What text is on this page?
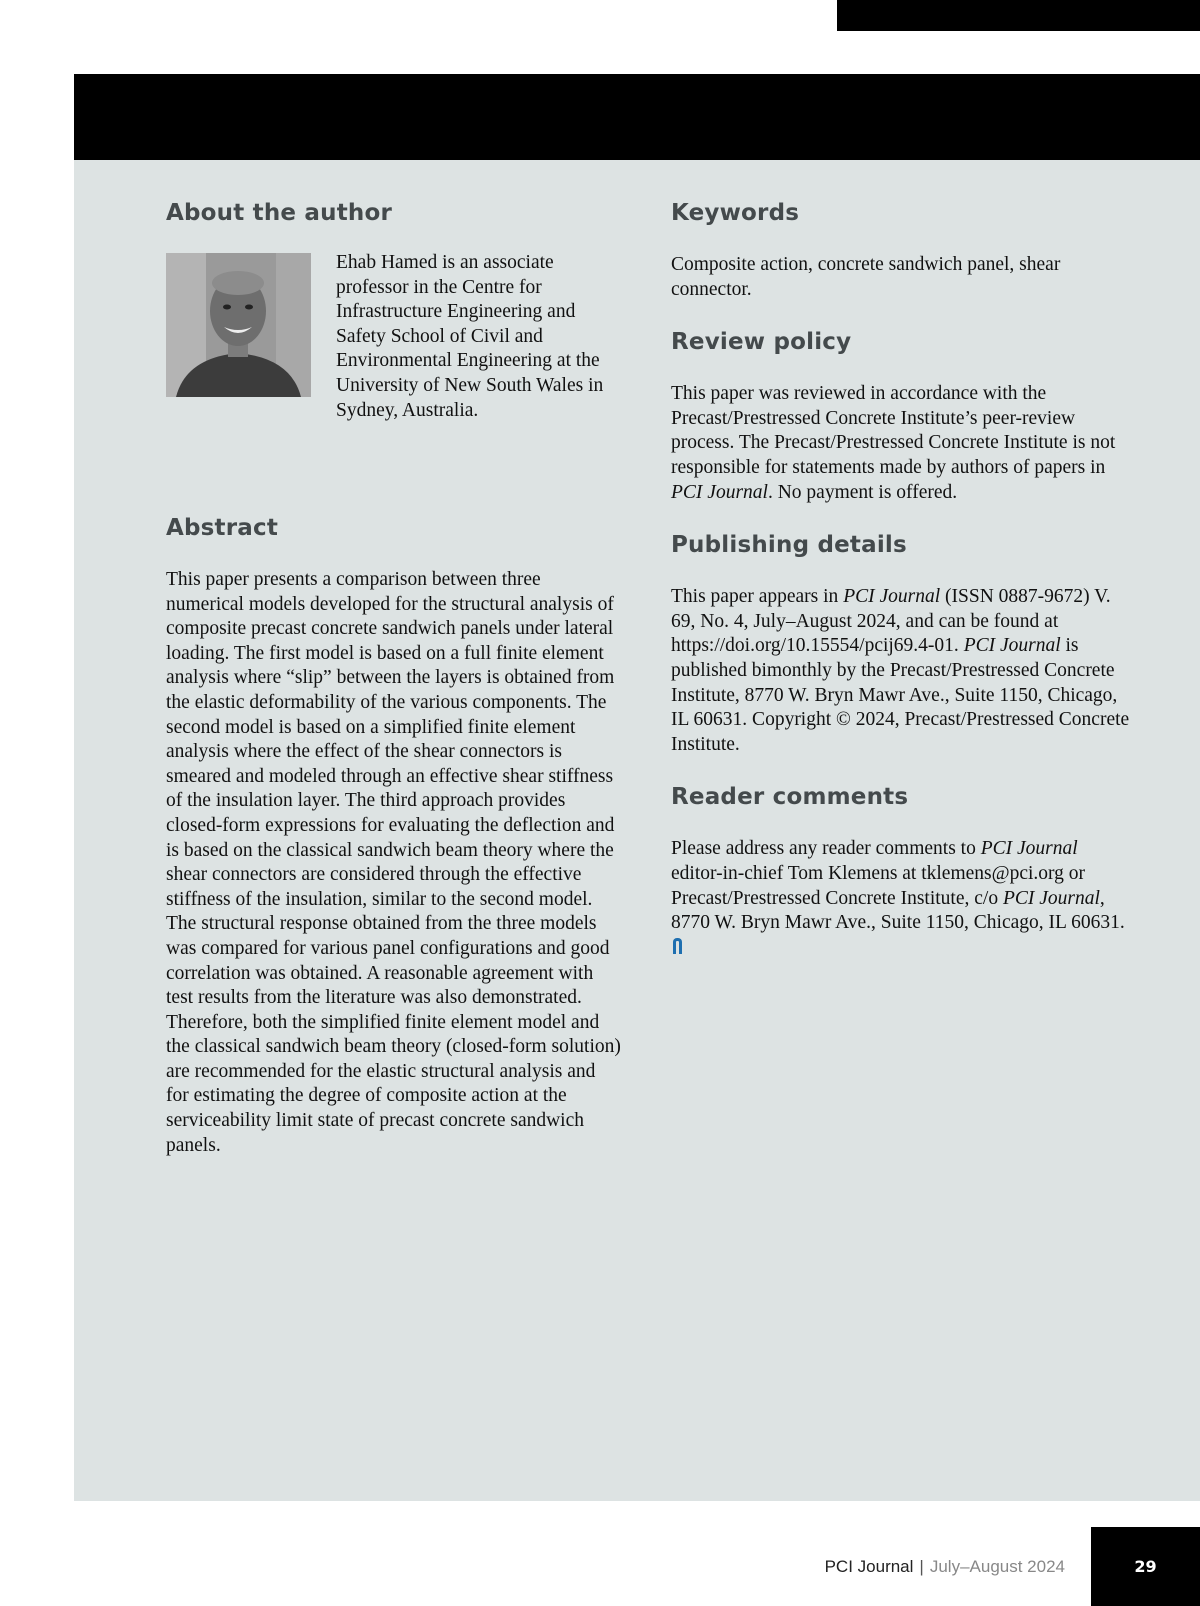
About the author

Ehab Hamed is an associate professor in the Centre for Infrastructure Engineering and Safety School of Civil and Environmental Engineering at the University of New South Wales in Sydney, Australia.

Abstract

This paper presents a comparison between three numerical models developed for the structural analysis of composite precast concrete sandwich panels under lateral loading. The first model is based on a full finite element analysis where “slip” between the layers is obtained from the elastic deformability of the various components. The second model is based on a simplified finite element analysis where the effect of the shear connectors is smeared and modeled through an effective shear stiffness of the insulation layer. The third approach provides closed-form expressions for evaluating the deflection and is based on the classical sandwich beam theory where the shear connectors are considered through the effective stiffness of the insulation, similar to the second model. The structural response obtained from the three models was compared for various panel configurations and good correlation was obtained. A reasonable agreement with test results from the literature was also demonstrated. Therefore, both the simplified finite element model and the classical sandwich beam theory (closed-form solution) are recommended for the elastic structural analysis and for estimating the degree of composite action at the serviceability limit state of precast concrete sandwich panels.

Keywords

Composite action, concrete sandwich panel, shear connector.

Review policy

This paper was reviewed in accordance with the Precast/Prestressed Concrete Institute’s peer-review process. The Precast/Prestressed Concrete Institute is not responsible for statements made by authors of papers in PCI Journal. No payment is offered.

Publishing details

This paper appears in PCI Journal (ISSN 0887-9672) V. 69, No. 4, July–August 2024, and can be found at https://doi.org/10.15554/pcij69.4-01. PCI Journal is published bimonthly by the Precast/Prestressed Concrete Institute, 8770 W. Bryn Mawr Ave., Suite 1150, Chicago, IL 60631. Copyright © 2024, Precast/Prestressed Concrete Institute.

Reader comments

Please address any reader comments to PCI Journal editor-in-chief Tom Klemens at tklemens@pci.org or Precast/Prestressed Concrete Institute, c/o PCI Journal, 8770 W. Bryn Mawr Ave., Suite 1150, Chicago, IL 60631.

PCI Journal | July–August 2024	29
